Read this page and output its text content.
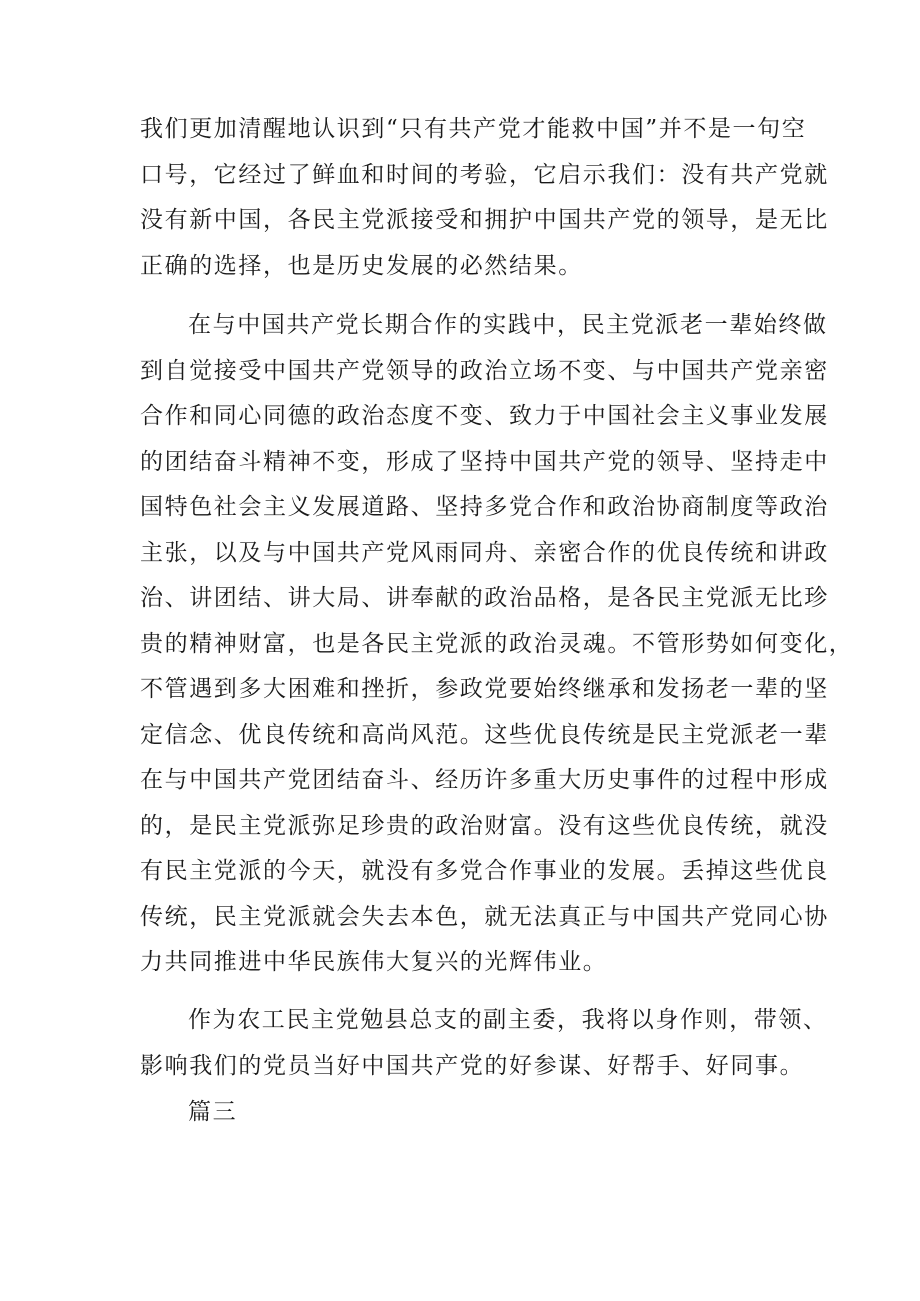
我们更加清醒地认识到“只有共产党才能救中国”并不是一句空
口号，它经过了鲜血和时间的考验，它启示我们：没有共产党就
没有新中国，各民主党派接受和拥护中国共产党的领导，是无比
正确的选择，也是历史发展的必然结果。
在与中国共产党长期合作的实践中，民主党派老一辈始终做
到自觉接受中国共产党领导的政治立场不变、与中国共产党亲密
合作和同心同德的政治态度不变、致力于中国社会主义事业发展
的团结奋斗精神不变，形成了坚持中国共产党的领导、坚持走中
国特色社会主义发展道路、坚持多党合作和政治协商制度等政治
主张，以及与中国共产党风雨同舟、亲密合作的优良传统和讲政
治、讲团结、讲大局、讲奉献的政治品格，是各民主党派无比珍
贵的精神财富，也是各民主党派的政治灵魂。不管形势如何变化，
不管遇到多大困难和挫折，参政党要始终继承和发扬老一辈的坚
定信念、优良传统和高尚风范。这些优良传统是民主党派老一辈
在与中国共产党团结奋斗、经历许多重大历史事件的过程中形成
的，是民主党派弥足珍贵的政治财富。没有这些优良传统，就没
有民主党派的今天，就没有多党合作事业的发展。丢掉这些优良
传统，民主党派就会失去本色，就无法真正与中国共产党同心协
力共同推进中华民族伟大复兴的光辉伟业。
作为农工民主党勉县总支的副主委，我将以身作则，带领、
影响我们的党员当好中国共产党的好参谋、好帮手、好同事。
篇三
